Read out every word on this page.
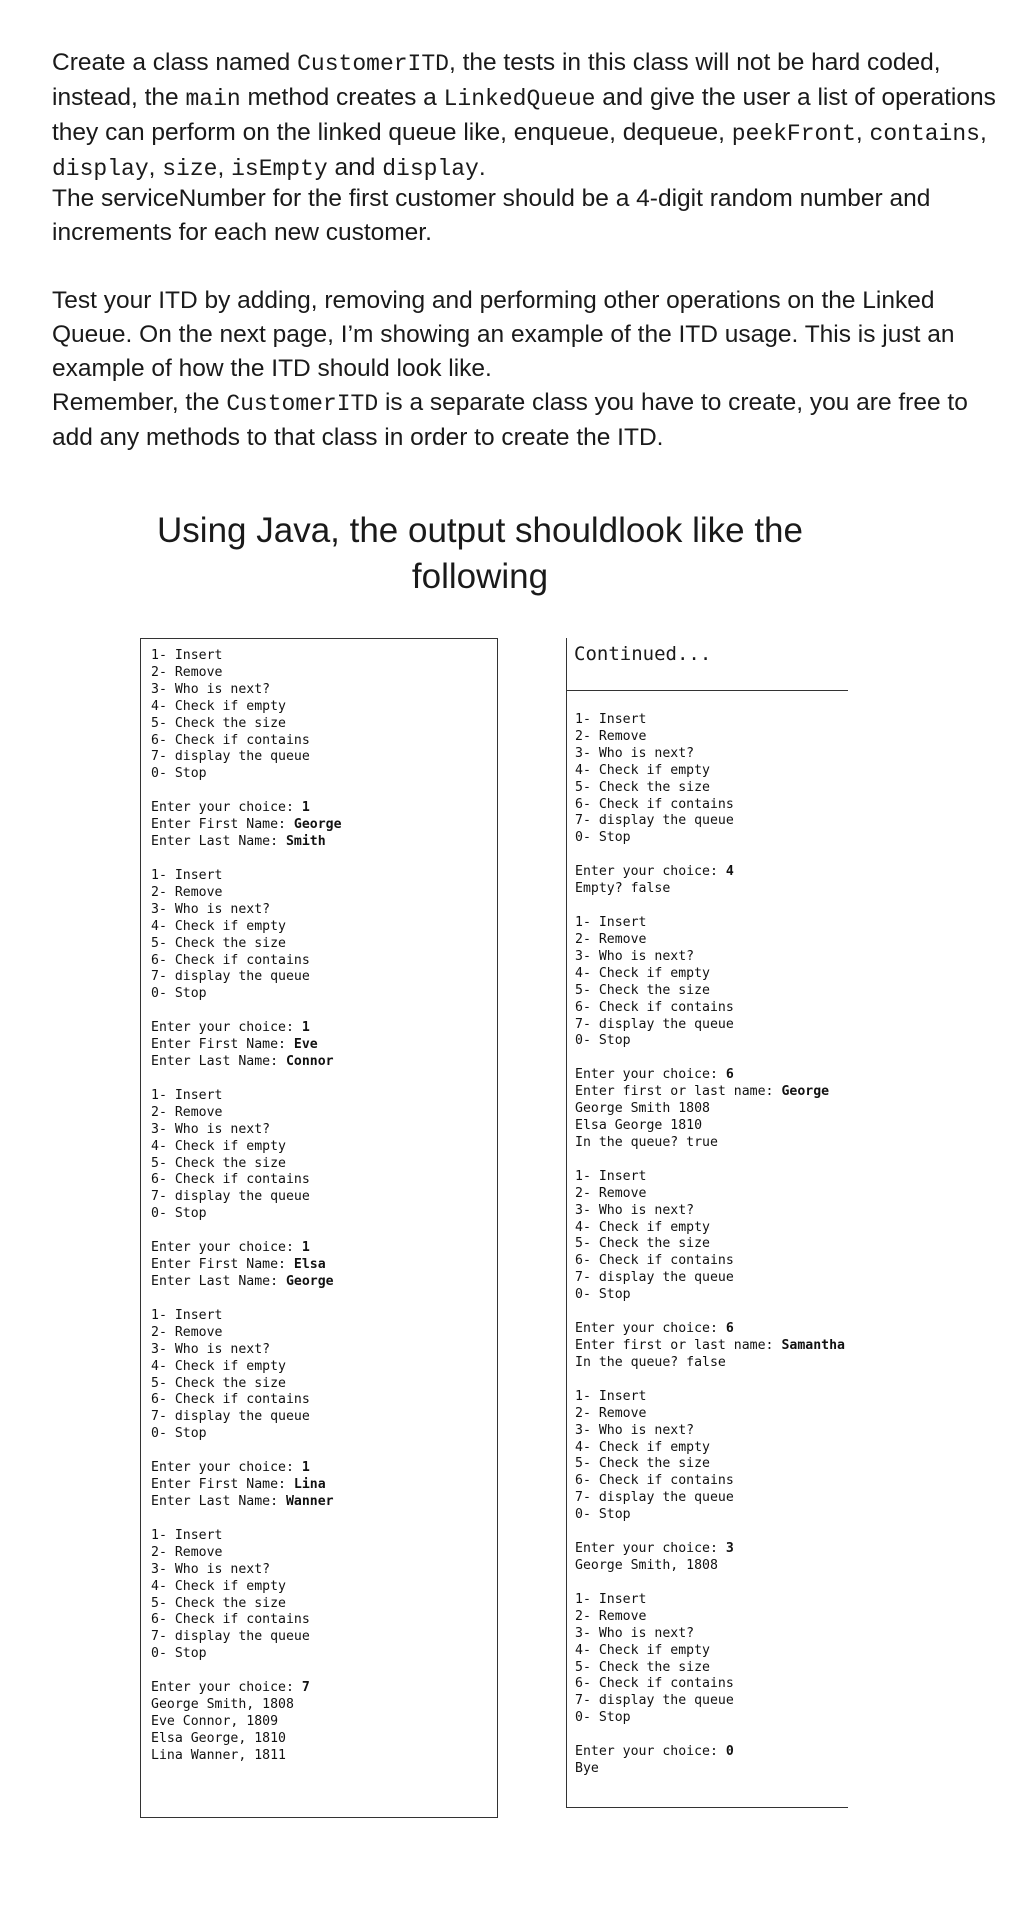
Create a class named CustomerITD, the tests in this class will not be hard coded, instead, the main method creates a LinkedQueue and give the user a list of operations they can perform on the linked queue like, enqueue, dequeue, peekFront, contains, display, size, isEmpty and display.

The serviceNumber for the first customer should be a 4-digit random number and increments for each new customer.

Test your ITD by adding, removing and performing other operations on the Linked Queue. On the next page, I’m showing an example of the ITD usage. This is just an example of how the ITD should look like.

Remember, the CustomerITD is a separate class you have to create, you are free to add any methods to that class in order to create the ITD.

Using Java, the output shouldlook like the following
1- Insert
2- Remove
3- Who is next?
4- Check if empty
5- Check the size
6- Check if contains
7- display the queue
0- Stop
Enter your choice: 1
Enter First Name: George
Enter Last Name: Smith
1- Insert
2- Remove
3- Who is next?
4- Check if empty
5- Check the size
6- Check if contains
7- display the queue
0- Stop
Enter your choice: 1
Enter First Name: Eve
Enter Last Name: Connor
1- Insert
2- Remove
3- Who is next?
4- Check if empty
5- Check the size
6- Check if contains
7- display the queue
0- Stop
Enter your choice: 1
Enter First Name: Elsa
Enter Last Name: George
1- Insert
2- Remove
3- Who is next?
4- Check if empty
5- Check the size
6- Check if contains
7- display the queue
0- Stop
Enter your choice: 1
Enter First Name: Lina
Enter Last Name: Wanner
1- Insert
2- Remove
3- Who is next?
4- Check if empty
5- Check the size
6- Check if contains
7- display the queue
0- Stop
Enter your choice: 7
George Smith, 1808
Eve Connor, 1809
Elsa George, 1810
Lina Wanner, 1811
Continued...
1- Insert
2- Remove
3- Who is next?
4- Check if empty
5- Check the size
6- Check if contains
7- display the queue
0- Stop
Enter your choice: 4
Empty? false
1- Insert
2- Remove
3- Who is next?
4- Check if empty
5- Check the size
6- Check if contains
7- display the queue
0- Stop
Enter your choice: 6
Enter first or last name: George
George Smith 1808
Elsa George 1810
In the queue? true
1- Insert
2- Remove
3- Who is next?
4- Check if empty
5- Check the size
6- Check if contains
7- display the queue
0- Stop
Enter your choice: 6
Enter first or last name: Samantha
In the queue? false
1- Insert
2- Remove
3- Who is next?
4- Check if empty
5- Check the size
6- Check if contains
7- display the queue
0- Stop
Enter your choice: 3
George Smith, 1808
1- Insert
2- Remove
3- Who is next?
4- Check if empty
5- Check the size
6- Check if contains
7- display the queue
0- Stop
Enter your choice: 0
Bye
